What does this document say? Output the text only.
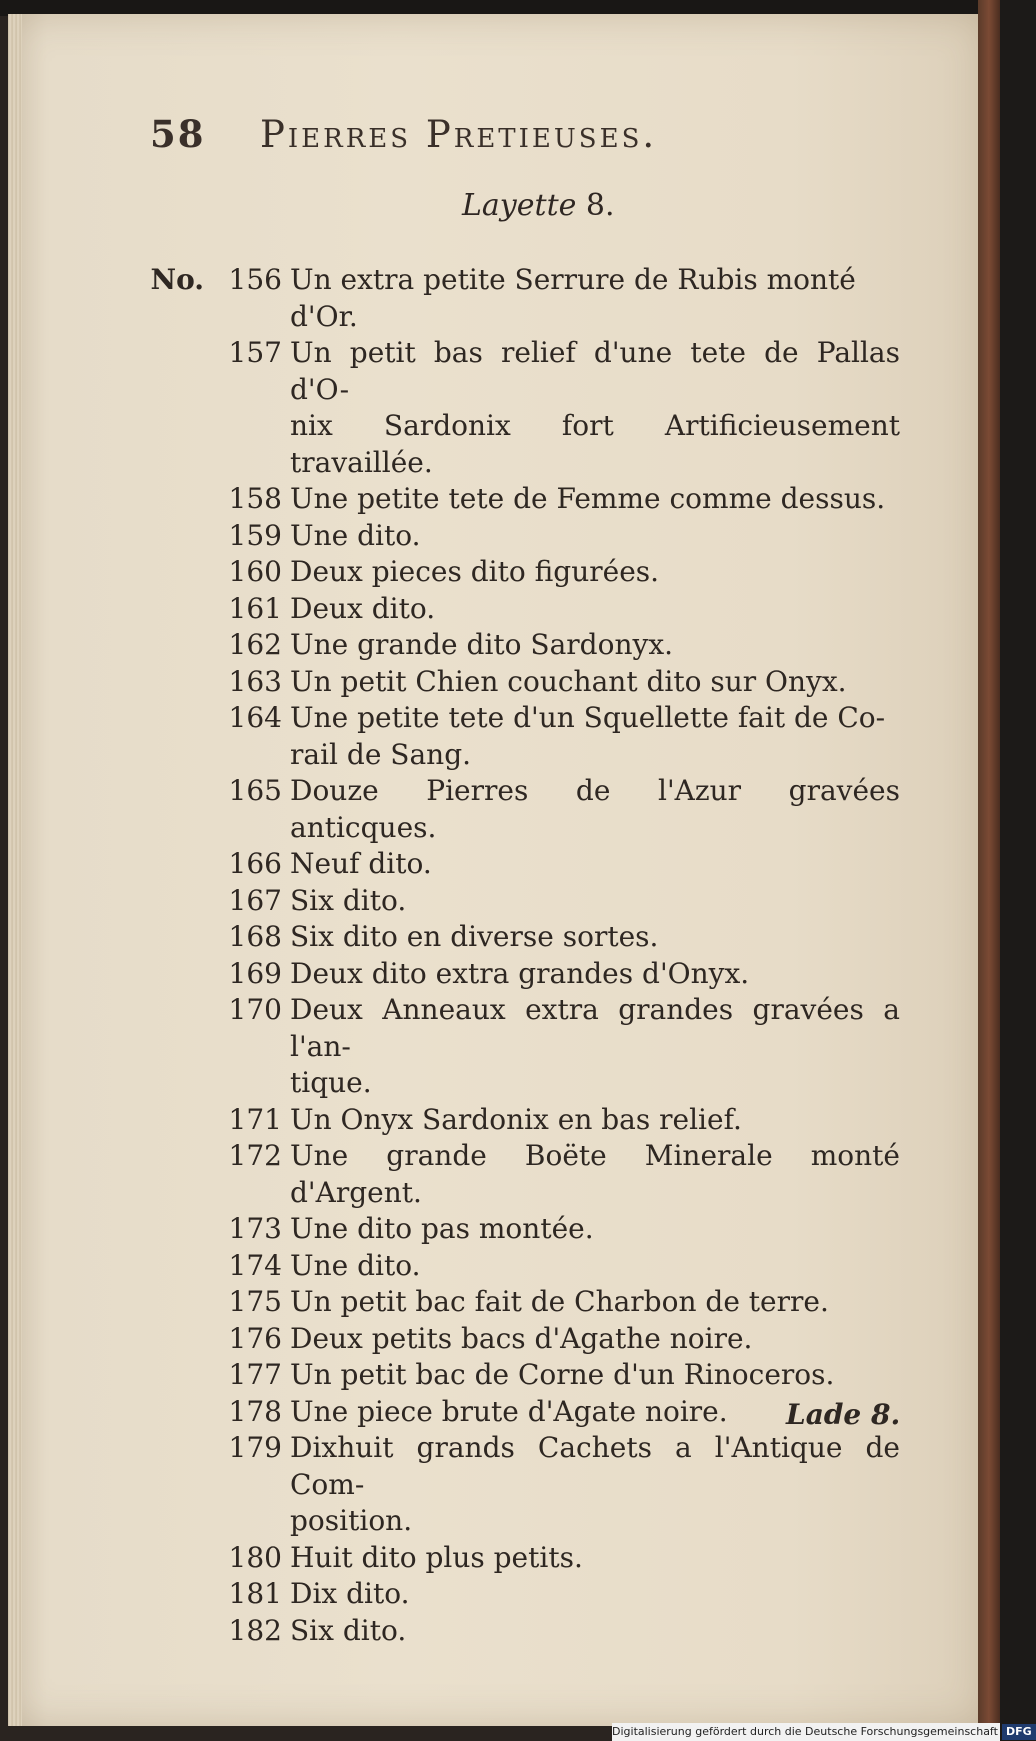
58 Pierres Pretieuses.
Layette 8.
No. 156 Un extra petite Serrure de Rubis monté
d'Or.
157 Un petit bas relief d'une tete de Pallas d'O-
nix Sardonix fort Artificieusement travaillée.
158 Une petite tete de Femme comme dessus.
159 Une dito.
160 Deux pieces dito figurées.
161 Deux dito.
162 Une grande dito Sardonyx.
163 Un petit Chien couchant dito sur Onyx.
164 Une petite tete d'un Squellette fait de Co-
rail de Sang.
165 Douze Pierres de l'Azur gravées anticques.
166 Neuf dito.
167 Six dito.
168 Six dito en diverse sortes.
169 Deux dito extra grandes d'Onyx.
170 Deux Anneaux extra grandes gravées a l'an-
tique.
171 Un Onyx Sardonix en bas relief.
172 Une grande Boëte Minerale monté d'Argent.
173 Une dito pas montée.
174 Une dito.
175 Un petit bac fait de Charbon de terre.
176 Deux petits bacs d'Agathe noire.
177 Un petit bac de Corne d'un Rinoceros.
178 Une piece brute d'Agate noire.
179 Dixhuit grands Cachets a l'Antique de Com-
position.
180 Huit dito plus petits.
181 Dix dito.
182 Six dito.
Lade 8.
Digitalisierung gefördert durch die Deutsche Forschungsgemeinschaft DFG
